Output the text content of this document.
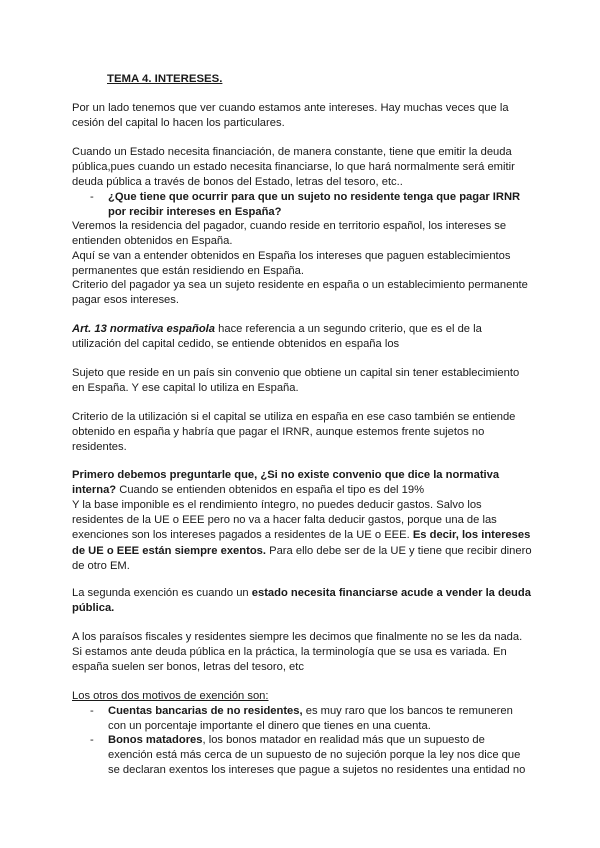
TEMA 4. INTERESES.

Por un lado tenemos que ver cuando estamos ante intereses. Hay muchas veces que la cesión del capital lo hacen los particulares.

Cuando un Estado necesita financiación, de manera constante, tiene que emitir la deuda pública,pues cuando un estado necesita financiarse, lo que hará normalmente será emitir deuda pública a través de bonos del Estado, letras del tesoro, etc..

- ¿Que tiene que ocurrir para que un sujeto no residente tenga que pagar IRNR por recibir intereses en España?

Veremos la residencia del pagador, cuando reside en territorio español, los intereses se entienden obtenidos en España.

Aquí se van a entender obtenidos en España los intereses que paguen establecimientos permanentes que están residiendo en España.

Criterio del pagador ya sea un sujeto residente en españa o un establecimiento permanente pagar esos intereses.

Art. 13 normativa española hace referencia a un segundo criterio, que es el de la utilización del capital cedido, se entiende obtenidos en españa los

Sujeto que reside en un país sin convenio que obtiene un capital sin tener establecimiento en España. Y ese capital lo utiliza en España.

Criterio de la utilización si el capital se utiliza en españa en ese caso también se entiende obtenido en españa y habría que pagar el IRNR, aunque estemos frente sujetos no residentes.

Primero debemos preguntarle que, ¿Si no existe convenio que dice la normativa interna? Cuando se entienden obtenidos en españa el tipo es del 19%

Y la base imponible es el rendimiento íntegro, no puedes deducir gastos. Salvo los residentes de la UE o EEE pero no va a hacer falta deducir gastos, porque una de las exenciones son los intereses pagados a residentes de la UE o EEE. Es decir, los intereses de UE o EEE están siempre exentos. Para ello debe ser de la UE y tiene que recibir dinero de otro EM.

La segunda exención es cuando un estado necesita financiarse acude a vender la deuda pública.

A los paraísos fiscales y residentes siempre les decimos que finalmente no se les da nada. Si estamos ante deuda pública en la práctica, la terminología que se usa es variada. En españa suelen ser bonos, letras del tesoro, etc

Los otros dos motivos de exención son:

- Cuentas bancarias de no residentes, es muy raro que los bancos te remuneren con un porcentaje importante el dinero que tienes en una cuenta.

- Bonos matadores, los bonos matador en realidad más que un supuesto de exención está más cerca de un supuesto de no sujeción porque la ley nos dice que se declaran exentos los intereses que pague a sujetos no residentes una entidad no
